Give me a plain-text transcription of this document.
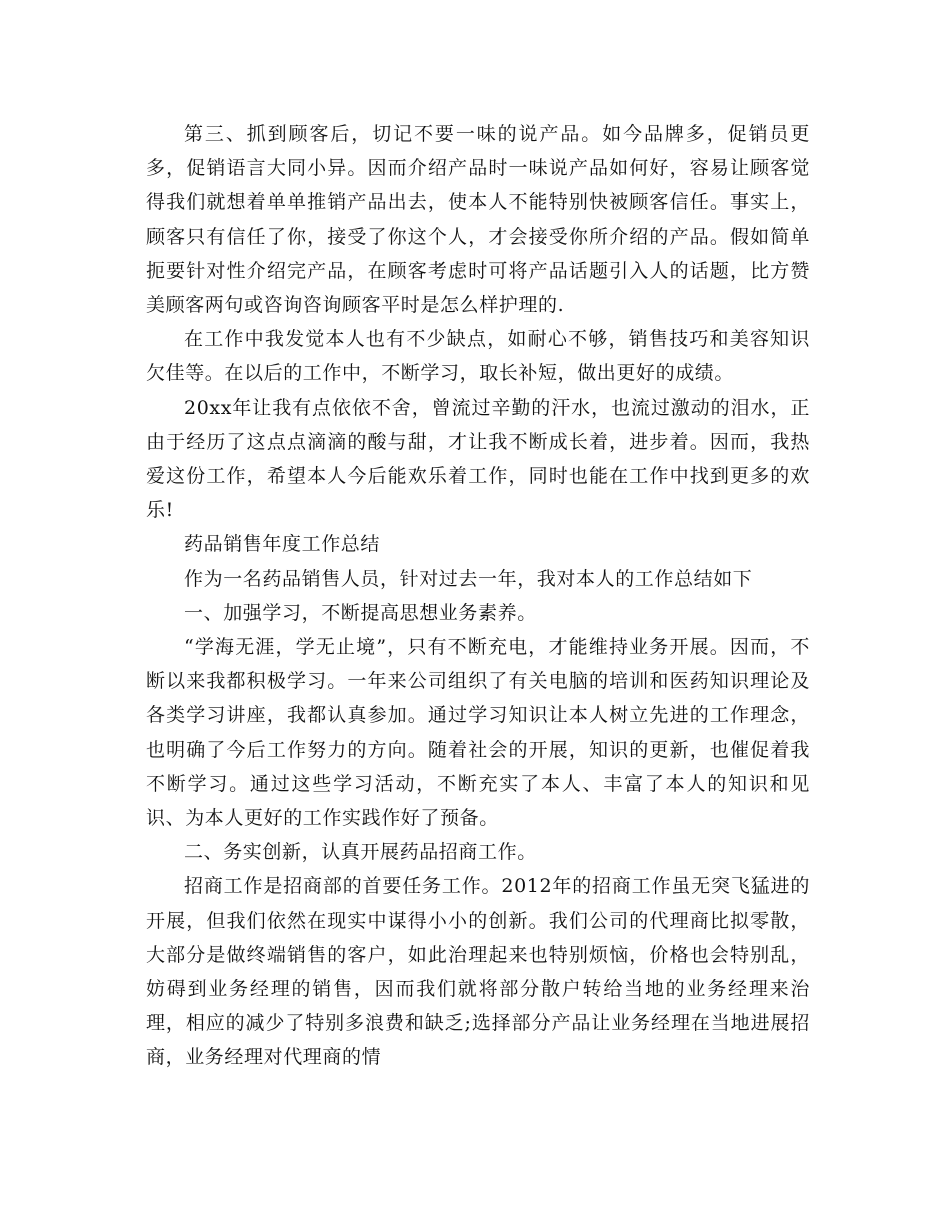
第三、抓到顾客后，切记不要一味的说产品。如今品牌多，促销员更多，促销语言大同小异。因而介绍产品时一味说产品如何好，容易让顾客觉得我们就想着单单推销产品出去，使本人不能特别快被顾客信任。事实上，顾客只有信任了你，接受了你这个人，才会接受你所介绍的产品。假如简单扼要针对性介绍完产品，在顾客考虑时可将产品话题引入人的话题，比方赞美顾客两句或咨询咨询顾客平时是怎么样护理的.

在工作中我发觉本人也有不少缺点，如耐心不够，销售技巧和美容知识欠佳等。在以后的工作中，不断学习，取长补短，做出更好的成绩。

20xx年让我有点依依不舍，曾流过辛勤的汗水，也流过激动的泪水，正由于经历了这点点滴滴的酸与甜，才让我不断成长着，进步着。因而，我热爱这份工作，希望本人今后能欢乐着工作，同时也能在工作中找到更多的欢乐!

药品销售年度工作总结

作为一名药品销售人员，针对过去一年，我对本人的工作总结如下

一、加强学习，不断提高思想业务素养。

“学海无涯，学无止境”，只有不断充电，才能维持业务开展。因而，不断以来我都积极学习。一年来公司组织了有关电脑的培训和医药知识理论及各类学习讲座，我都认真参加。通过学习知识让本人树立先进的工作理念，也明确了今后工作努力的方向。随着社会的开展，知识的更新，也催促着我不断学习。通过这些学习活动，不断充实了本人、丰富了本人的知识和见识、为本人更好的工作实践作好了预备。

二、务实创新，认真开展药品招商工作。

招商工作是招商部的首要任务工作。2012年的招商工作虽无突飞猛进的开展，但我们依然在现实中谋得小小的创新。我们公司的代理商比拟零散，大部分是做终端销售的客户，如此治理起来也特别烦恼，价格也会特别乱，妨碍到业务经理的销售，因而我们就将部分散户转给当地的业务经理来治理，相应的减少了特别多浪费和缺乏;选择部分产品让业务经理在当地进展招商，业务经理对代理商的情
